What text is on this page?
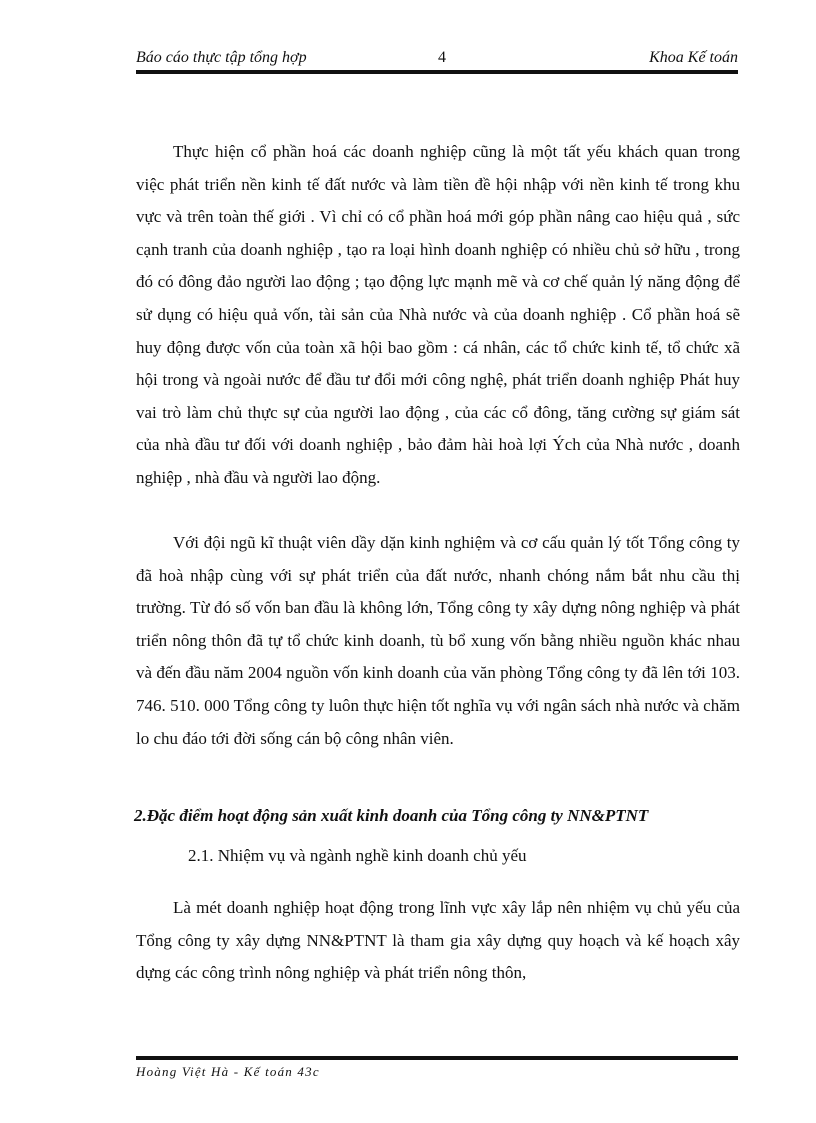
Báo cáo thực tập tổng hợp	4	Khoa Kế toán

Thực hiện cổ phần hoá các doanh nghiệp cũng là một tất yếu khách quan trong việc phát triển nền kinh tế đất nước và làm tiền đề hội nhập với nền kinh tế trong khu vực và trên toàn thế giới . Vì chỉ có cổ phần hoá mới góp phần nâng cao hiệu quả , sức cạnh tranh của doanh nghiệp , tạo ra loại hình doanh nghiệp có nhiều chủ sở hữu , trong đó có đông đảo người lao động ; tạo động lực mạnh mẽ và cơ chế quản lý năng động để sử dụng có hiệu quả vốn, tài sản của Nhà nước và của doanh nghiệp . Cổ phần hoá sẽ huy động được vốn của toàn xã hội bao gồm : cá nhân, các tổ chức kinh tế, tổ chức xã hội trong và ngoài nước để đầu tư đổi mới công nghệ, phát triển doanh nghiệp Phát huy vai trò làm chủ thực sự của người lao động , của các cổ đông, tăng cường sự giám sát của nhà đầu tư đối với doanh nghiệp , bảo đảm hài hoà lợi Ých của Nhà nước , doanh nghiệp , nhà đầu và người lao động.

Với đội ngũ kĩ thuật viên dầy dặn kinh nghiệm và cơ cấu quản lý tốt Tổng công ty đã hoà nhập cùng với sự phát triển của đất nước, nhanh chóng nắm bắt nhu cầu thị trường. Từ đó số vốn ban đầu là không lớn, Tổng công ty xây dựng nông nghiệp và phát triển nông thôn đã tự tổ chức kinh doanh, tù bổ xung vốn bằng nhiều nguồn khác nhau và đến đầu năm 2004 nguồn vốn kinh doanh của văn phòng Tổng công ty đã lên tới 103. 746. 510. 000 Tổng công ty luôn thực hiện tốt nghĩa vụ với ngân sách nhà nước và chăm lo chu đáo tới đời sống cán bộ công nhân viên.

2.Đặc điểm hoạt động sản xuất kinh doanh của Tổng công ty NN&PTNT
2.1. Nhiệm vụ và ngành nghề kinh doanh chủ yếu

Là mét doanh nghiệp hoạt động trong lĩnh vực xây lắp nên nhiệm vụ chủ yếu của Tổng công ty xây dựng NN&PTNT là tham gia xây dựng quy hoạch và kế hoạch xây dựng các công trình nông nghiệp và phát triển nông thôn,

Hoàng Việt Hà - Kế toán 43c
